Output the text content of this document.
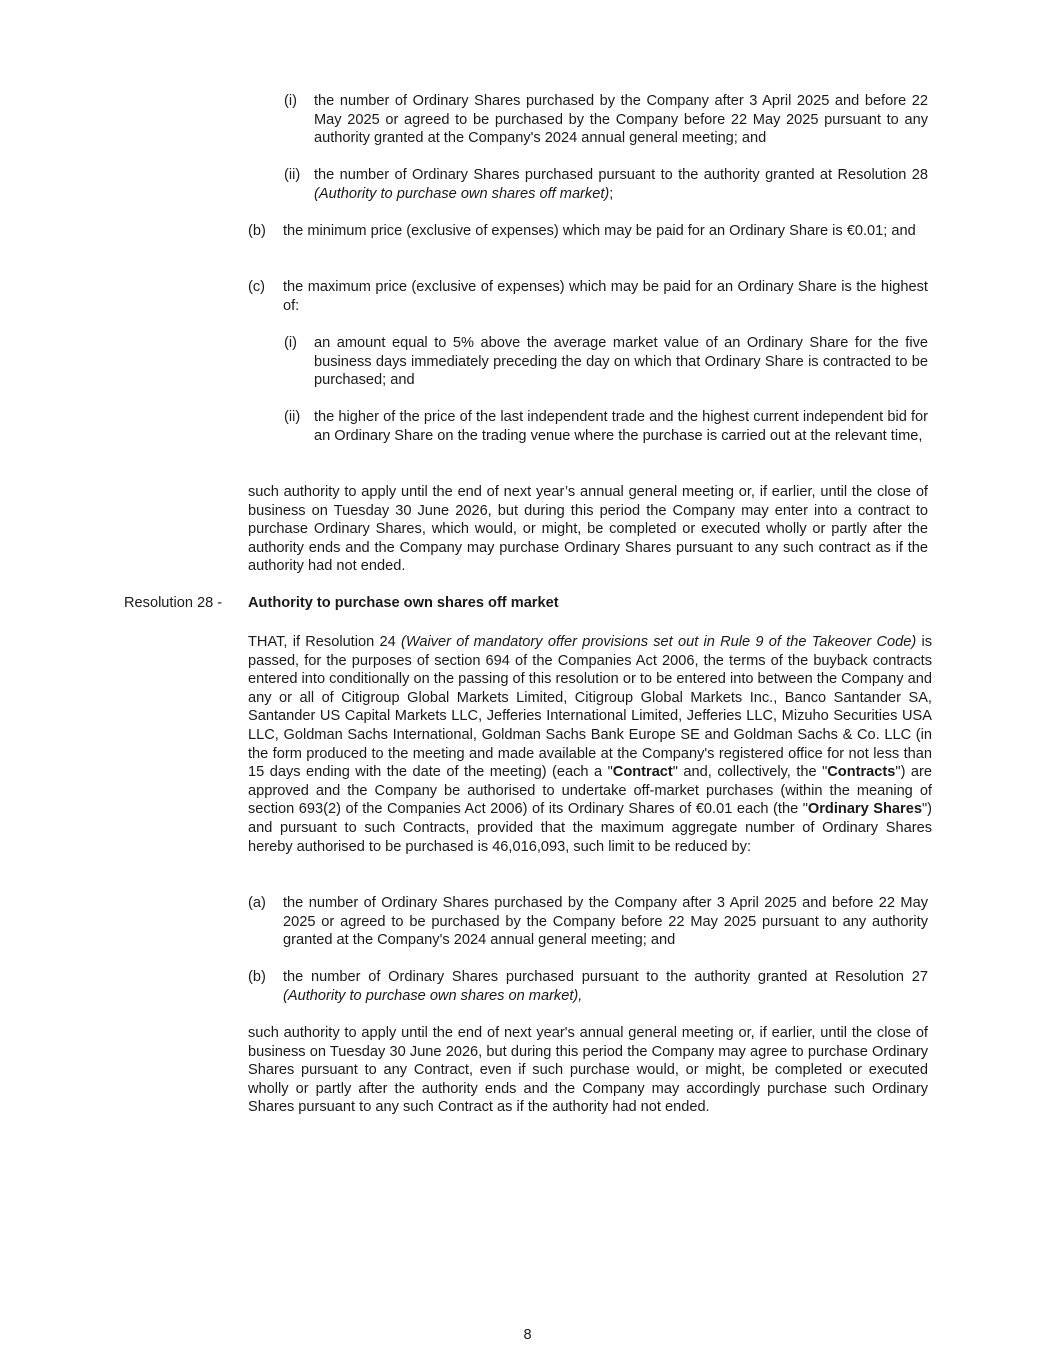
(i) the number of Ordinary Shares purchased by the Company after 3 April 2025 and before 22 May 2025 or agreed to be purchased by the Company before 22 May 2025 pursuant to any authority granted at the Company's 2024 annual general meeting; and
(ii) the number of Ordinary Shares purchased pursuant to the authority granted at Resolution 28 (Authority to purchase own shares off market);
(b) the minimum price (exclusive of expenses) which may be paid for an Ordinary Share is €0.01; and
(c) the maximum price (exclusive of expenses) which may be paid for an Ordinary Share is the highest of:
(i) an amount equal to 5% above the average market value of an Ordinary Share for the five business days immediately preceding the day on which that Ordinary Share is contracted to be purchased; and
(ii) the higher of the price of the last independent trade and the highest current independent bid for an Ordinary Share on the trading venue where the purchase is carried out at the relevant time,

such authority to apply until the end of next year’s annual general meeting or, if earlier, until the close of business on Tuesday 30 June 2026, but during this period the Company may enter into a contract to purchase Ordinary Shares, which would, or might, be completed or executed wholly or partly after the authority ends and the Company may purchase Ordinary Shares pursuant to any such contract as if the authority had not ended.

Resolution 28 - Authority to purchase own shares off market

THAT, if Resolution 24 (Waiver of mandatory offer provisions set out in Rule 9 of the Takeover Code) is passed, for the purposes of section 694 of the Companies Act 2006, the terms of the buyback contracts entered into conditionally on the passing of this resolution or to be entered into between the Company and any or all of Citigroup Global Markets Limited, Citigroup Global Markets Inc., Banco Santander SA, Santander US Capital Markets LLC, Jefferies International Limited, Jefferies LLC, Mizuho Securities USA LLC, Goldman Sachs International, Goldman Sachs Bank Europe SE and Goldman Sachs & Co. LLC (in the form produced to the meeting and made available at the Company's registered office for not less than 15 days ending with the date of the meeting) (each a "Contract" and, collectively, the "Contracts") are approved and the Company be authorised to undertake off-market purchases (within the meaning of section 693(2) of the Companies Act 2006) of its Ordinary Shares of €0.01 each (the "Ordinary Shares") and pursuant to such Contracts, provided that the maximum aggregate number of Ordinary Shares hereby authorised to be purchased is 46,016,093, such limit to be reduced by:

(a) the number of Ordinary Shares purchased by the Company after 3 April 2025 and before 22 May 2025 or agreed to be purchased by the Company before 22 May 2025 pursuant to any authority granted at the Company's 2024 annual general meeting; and
(b) the number of Ordinary Shares purchased pursuant to the authority granted at Resolution 27 (Authority to purchase own shares on market),

such authority to apply until the end of next year's annual general meeting or, if earlier, until the close of business on Tuesday 30 June 2026, but during this period the Company may agree to purchase Ordinary Shares pursuant to any Contract, even if such purchase would, or might, be completed or executed wholly or partly after the authority ends and the Company may accordingly purchase such Ordinary Shares pursuant to any such Contract as if the authority had not ended.

8
